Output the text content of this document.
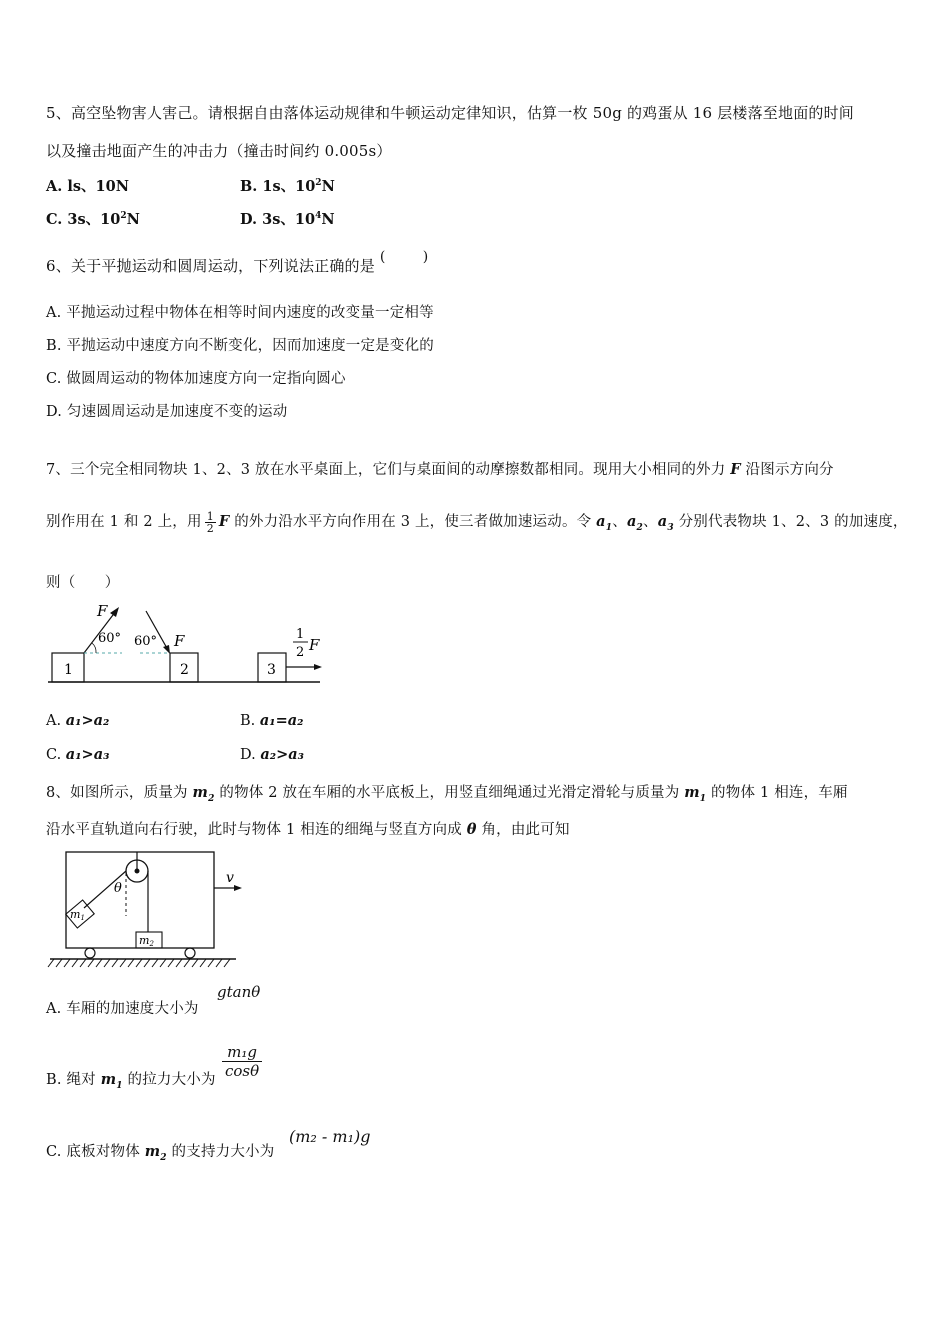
5、高空坠物害人害己。请根据自由落体运动规律和牛顿运动定律知识，估算一枚 50g 的鸡蛋从 16 层楼落至地面的时间
以及撞击地面产生的冲击力（撞击时间约 0.005s）
A. ls、10N	B. 1s、$10^2N$
C. 3s、$10^2N$	D. 3s、$10^4N$
6、关于平抛运动和圆周运动，下列说法正确的是 (        )
A. 平抛运动过程中物体在相等时间内速度的改变量一定相等
B. 平抛运动中速度方向不断变化，因而加速度一定是变化的
C. 做圆周运动的物体加速度方向一定指向圆心
D. 匀速圆周运动是加速度不变的运动
7、三个完全相同物块 1、2、3 放在水平桌面上，它们与桌面间的动摩擦数都相同。现用大小相同的外力 F 沿图示方向分
别作用在 1 和 2 上，用 $\frac{1}{2}$ F 的外力沿水平方向作用在 3 上，使三者做加速运动。令 $a_1$、$a_2$、$a_3$ 分别代表物块 1、2、3 的加速度，
则（　　）
1	2	3
F
60° 60° F	1
2 F
A. a₁>a₂	B. a₁=a₂
C. a₁>a₃	D. a₂>a₃
8、如图所示，质量为 $m_2$ 的物体 2 放在车厢的水平底板上，用竖直细绳通过光滑定滑轮与质量为 $m_1$ 的物体 1 相连，车厢
沿水平直轨道向右行驶，此时与物体 1 相连的细绳与竖直方向成 θ 角，由此可知
θ
m1
m2
v
A. 车厢的加速度大小为
gtanθ
B. 绳对 $m_1$ 的拉力大小为 $\frac{\text{m₁g}}{\cos\theta}$
C. 底板对物体 $m_2$ 的支持力大小为
(m₂ - m₁)g
